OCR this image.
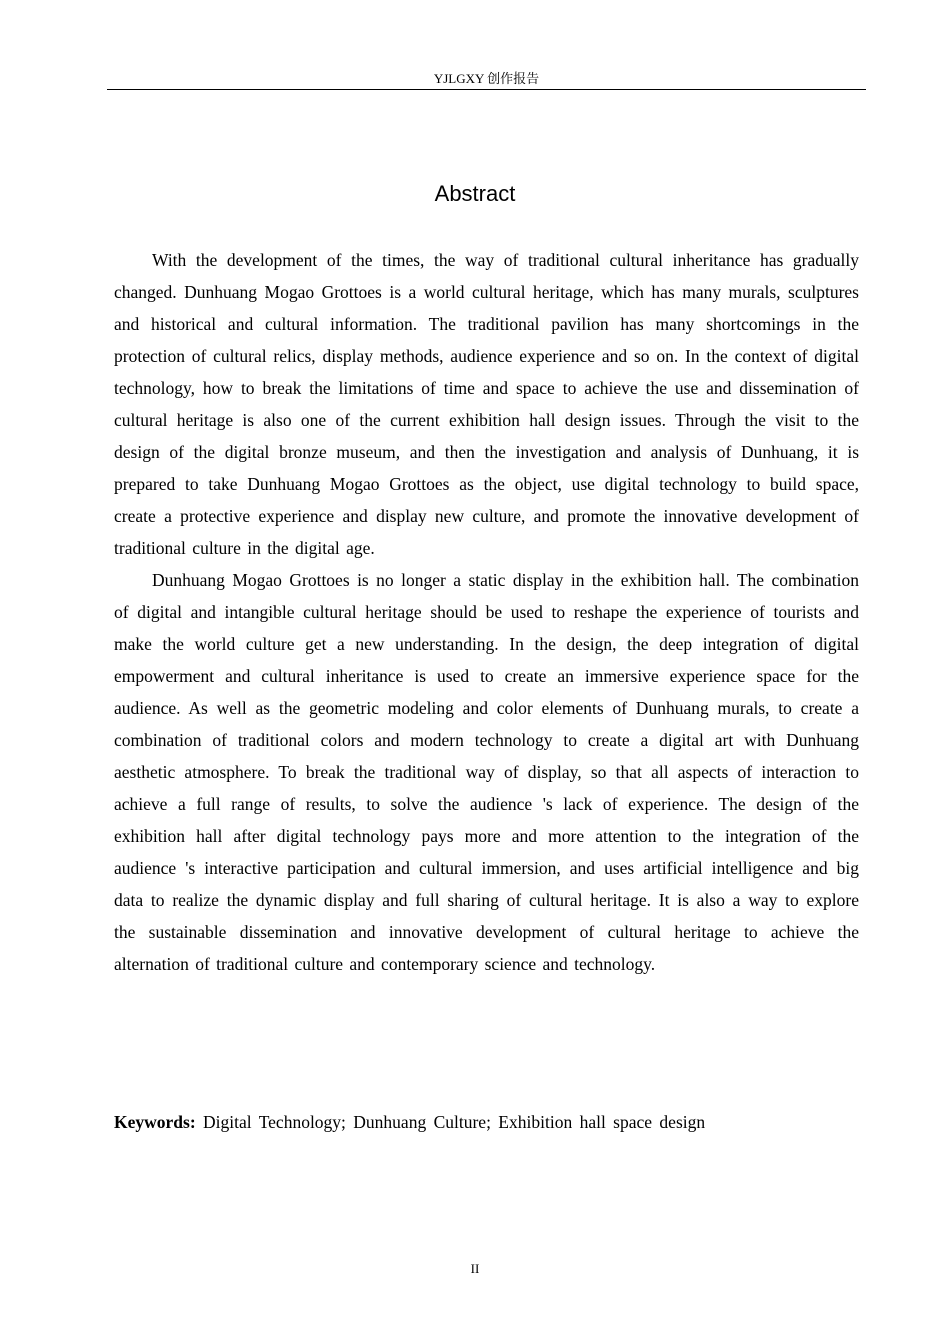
YJLGXY 创作报告
Abstract

With the development of the times, the way of traditional cultural inheritance has gradually changed. Dunhuang Mogao Grottoes is a world cultural heritage, which has many murals, sculptures and historical and cultural information. The traditional pavilion has many shortcomings in the protection of cultural relics, display methods, audience experience and so on. In the context of digital technology, how to break the limitations of time and space to achieve the use and dissemination of cultural heritage is also one of the current exhibition hall design issues. Through the visit to the design of the digital bronze museum, and then the investigation and analysis of Dunhuang, it is prepared to take Dunhuang Mogao Grottoes as the object, use digital technology to build space, create a protective experience and display new culture, and promote the innovative development of traditional culture in the digital age.

Dunhuang Mogao Grottoes is no longer a static display in the exhibition hall. The combination of digital and intangible cultural heritage should be used to reshape the experience of tourists and make the world culture get a new understanding. In the design, the deep integration of digital empowerment and cultural inheritance is used to create an immersive experience space for the audience. As well as the geometric modeling and color elements of Dunhuang murals, to create a combination of traditional colors and modern technology to create a digital art with Dunhuang aesthetic atmosphere. To break the traditional way of display, so that all aspects of interaction to achieve a full range of results, to solve the audience 's lack of experience. The design of the exhibition hall after digital technology pays more and more attention to the integration of the audience 's interactive participation and cultural immersion, and uses artificial intelligence and big data to realize the dynamic display and full sharing of cultural heritage. It is also a way to explore the sustainable dissemination and innovative development of cultural heritage to achieve the alternation of traditional culture and contemporary science and technology.

Keywords: Digital Technology; Dunhuang Culture; Exhibition hall space design
II
